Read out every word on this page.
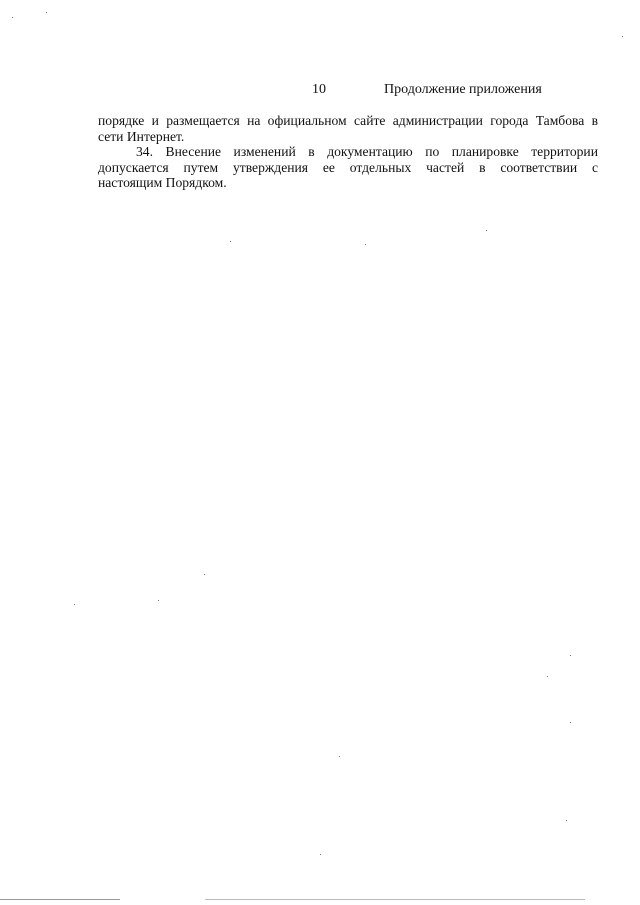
10	Продолжение приложения
порядке и размещается на официальном сайте администрации города Тамбова в
сети Интернет.
34. Внесение изменений в документацию по планировке территории
допускается путем утверждения ее отдельных частей в соответствии с
настоящим Порядком.
